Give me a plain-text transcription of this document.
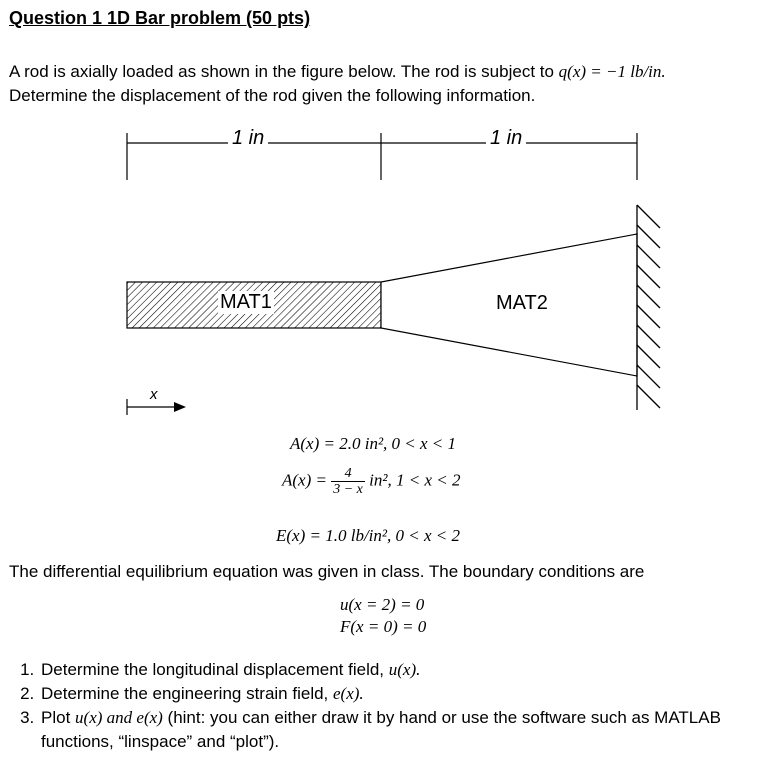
Question 1 1D Bar problem (50 pts)
A rod is axially loaded as shown in the figure below. The rod is subject to q(x) = −1 lb/in.
Determine the displacement of the rod given the following information.
1 in	1 in
MAT1	MAT2
x
A(x) = 2.0 in², 0 < x < 1
$A(x) = \frac{4}{3 - x} in^2$, 1 < x < 2
E(x) = 1.0 lb/in², 0 < x < 2
The differential equilibrium equation was given in class. The boundary conditions are
u(x = 2) = 0
F(x = 0) = 0
1. Determine the longitudinal displacement field, u(x).
2. Determine the engineering strain field, e(x).
3. Plot u(x) and e(x) (hint: you can either draw it by hand or use the software such as MATLAB functions, “linspace” and “plot”).
